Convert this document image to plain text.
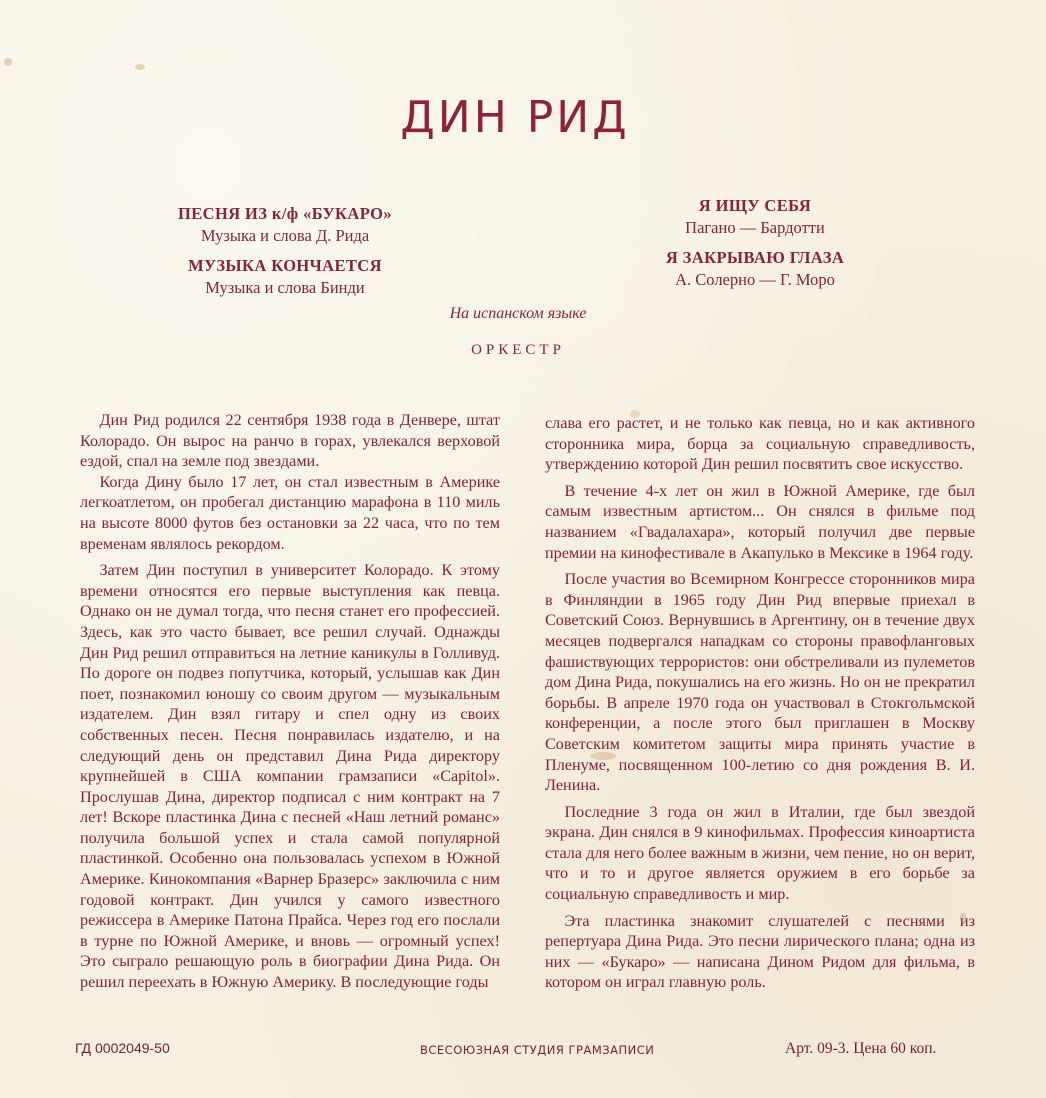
ДИН РИД
ПЕСНЯ ИЗ к/ф «БУКАРО»
Музыка и слова Д. Рида
МУЗЫКА КОНЧАЕТСЯ
Музыка и слова Бинди
Я ИЩУ СЕБЯ
Пагано — Бардотти
Я ЗАКРЫВАЮ ГЛАЗА
А. Солерно — Г. Моро
На испанском языке
ОРКЕСТР

Дин Рид родился 22 сентября 1938 года в Денвере, штат Колорадо. Он вырос на ранчо в горах, увлекался верховой ездой, спал на земле под звездами.

Когда Дину было 17 лет, он стал известным в Америке легкоатлетом, он пробегал дистанцию марафона в 110 миль на высоте 8000 футов без остановки за 22 часа, что по тем временам являлось рекордом.

Затем Дин поступил в университет Колорадо. К этому времени относятся его первые выступления как певца. Однако он не думал тогда, что песня станет его профессией. Здесь, как это часто бывает, все решил случай. Однажды Дин Рид решил отправиться на летние каникулы в Голливуд. По дороге он подвез попутчика, который, услышав как Дин поет, познакомил юношу со своим другом — музыкальным издателем. Дин взял гитару и спел одну из своих собственных песен. Песня понравилась издателю, и на следующий день он представил Дина Рида директору крупнейшей в США компании грамзаписи «Capitol». Прослушав Дина, директор подписал с ним контракт на 7 лет! Вскоре пластинка Дина с песней «Наш летний романс» получила большой успех и стала самой популярной пластинкой. Особенно она пользовалась успехом в Южной Америке. Кинокомпания «Варнер Бразерс» заключила с ним годовой контракт. Дин учился у самого известного режиссера в Америке Патона Прайса. Через год его послали в турне по Южной Америке, и вновь — огромный успех! Это сыграло решающую роль в биографии Дина Рида. Он решил переехать в Южную Америку. В последующие годы

слава его растет, и не только как певца, но и как активного сторонника мира, борца за социальную справедливость, утверждению которой Дин решил посвятить свое искусство.

В течение 4-х лет он жил в Южной Америке, где был самым известным артистом... Он снялся в фильме под названием «Гвадалахара», который получил две первые премии на кинофестивале в Акапулько в Мексике в 1964 году.

После участия во Всемирном Конгрессе сторонников мира в Финляндии в 1965 году Дин Рид впервые приехал в Советский Союз. Вернувшись в Аргентину, он в течение двух месяцев подвергался нападкам со стороны правофланговых фашиствующих террористов: они обстреливали из пулеметов дом Дина Рида, покушались на его жизнь. Но он не прекратил борьбы. В апреле 1970 года он участвовал в Стокгольмской конференции, а после этого был приглашен в Москву Советским комитетом защиты мира принять участие в Пленуме, посвященном 100-летию со дня рождения В. И. Ленина.

Последние 3 года он жил в Италии, где был звездой экрана. Дин снялся в 9 кинофильмах. Профессия киноартиста стала для него более важным в жизни, чем пение, но он верит, что и то и другое является оружием в его борьбе за социальную справедливость и мир.

Эта пластинка знакомит слушателей с песнями из репертуара Дина Рида. Это песни лирического плана; одна из них — «Букаро» — написана Дином Ридом для фильма, в котором он играл главную роль.

ГД 0002049-50	ВСЕСОЮЗНАЯ СТУДИЯ ГРАМЗАПИСИ	Арт. 09-3. Цена 60 коп.
